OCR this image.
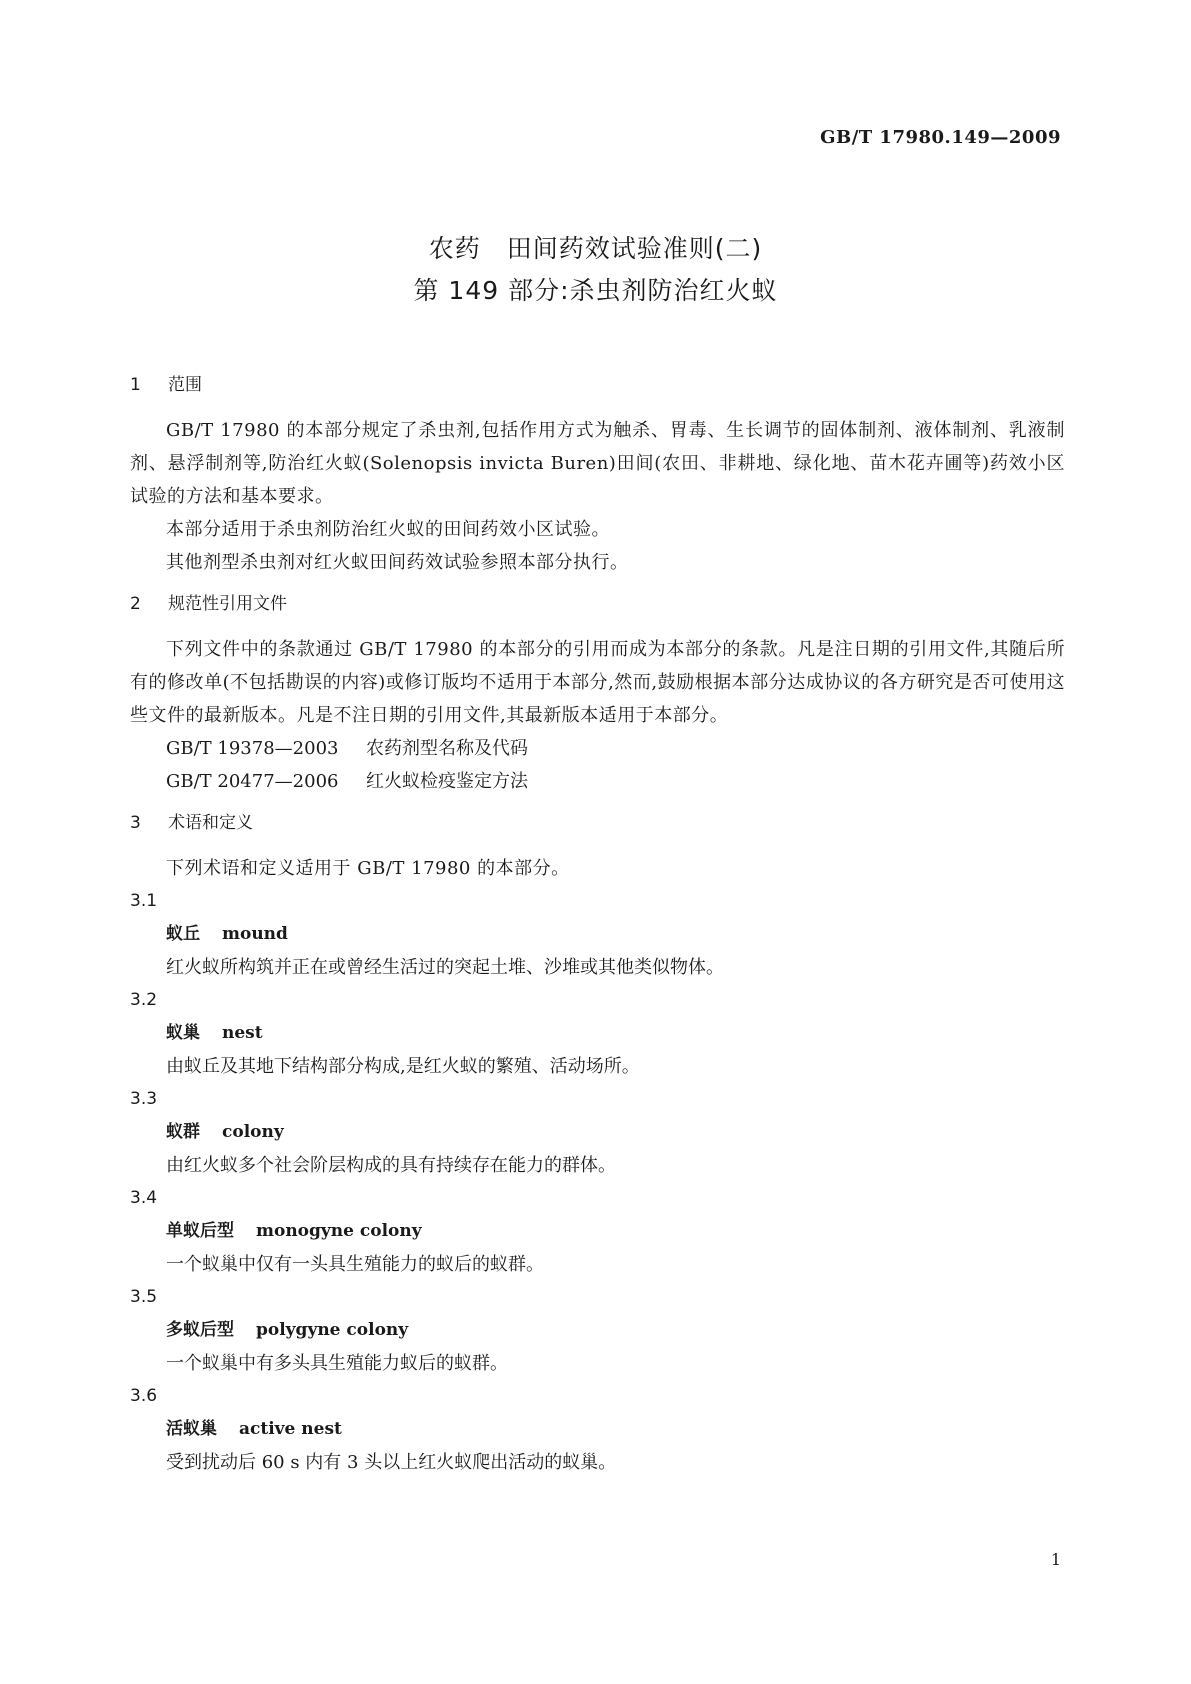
GB/T 17980.149—2009
农药　田间药效试验准则(二)
第 149 部分:杀虫剂防治红火蚁
1 范围
GB/T 17980 的本部分规定了杀虫剂,包括作用方式为触杀、胃毒、生长调节的固体制剂、液体制剂、乳液制剂、悬浮制剂等,防治红火蚁(Solenopsis invicta Buren)田间(农田、非耕地、绿化地、苗木花卉圃等)药效小区试验的方法和基本要求。
本部分适用于杀虫剂防治红火蚁的田间药效小区试验。
其他剂型杀虫剂对红火蚁田间药效试验参照本部分执行。
2 规范性引用文件
下列文件中的条款通过 GB/T 17980 的本部分的引用而成为本部分的条款。凡是注日期的引用文件,其随后所有的修改单(不包括勘误的内容)或修订版均不适用于本部分,然而,鼓励根据本部分达成协议的各方研究是否可使用这些文件的最新版本。凡是不注日期的引用文件,其最新版本适用于本部分。
GB/T 19378—2003 农药剂型名称及代码
GB/T 20477—2006 红火蚁检疫鉴定方法
3 术语和定义
下列术语和定义适用于 GB/T 17980 的本部分。
3.1
蚁丘 mound
红火蚁所构筑并正在或曾经生活过的突起土堆、沙堆或其他类似物体。
3.2
蚁巢 nest
由蚁丘及其地下结构部分构成,是红火蚁的繁殖、活动场所。
3.3
蚁群 colony
由红火蚁多个社会阶层构成的具有持续存在能力的群体。
3.4
单蚁后型 monogyne colony
一个蚁巢中仅有一头具生殖能力的蚁后的蚁群。
3.5
多蚁后型 polygyne colony
一个蚁巢中有多头具生殖能力蚁后的蚁群。
3.6
活蚁巢 active nest
受到扰动后 60 s 内有 3 头以上红火蚁爬出活动的蚁巢。
1
